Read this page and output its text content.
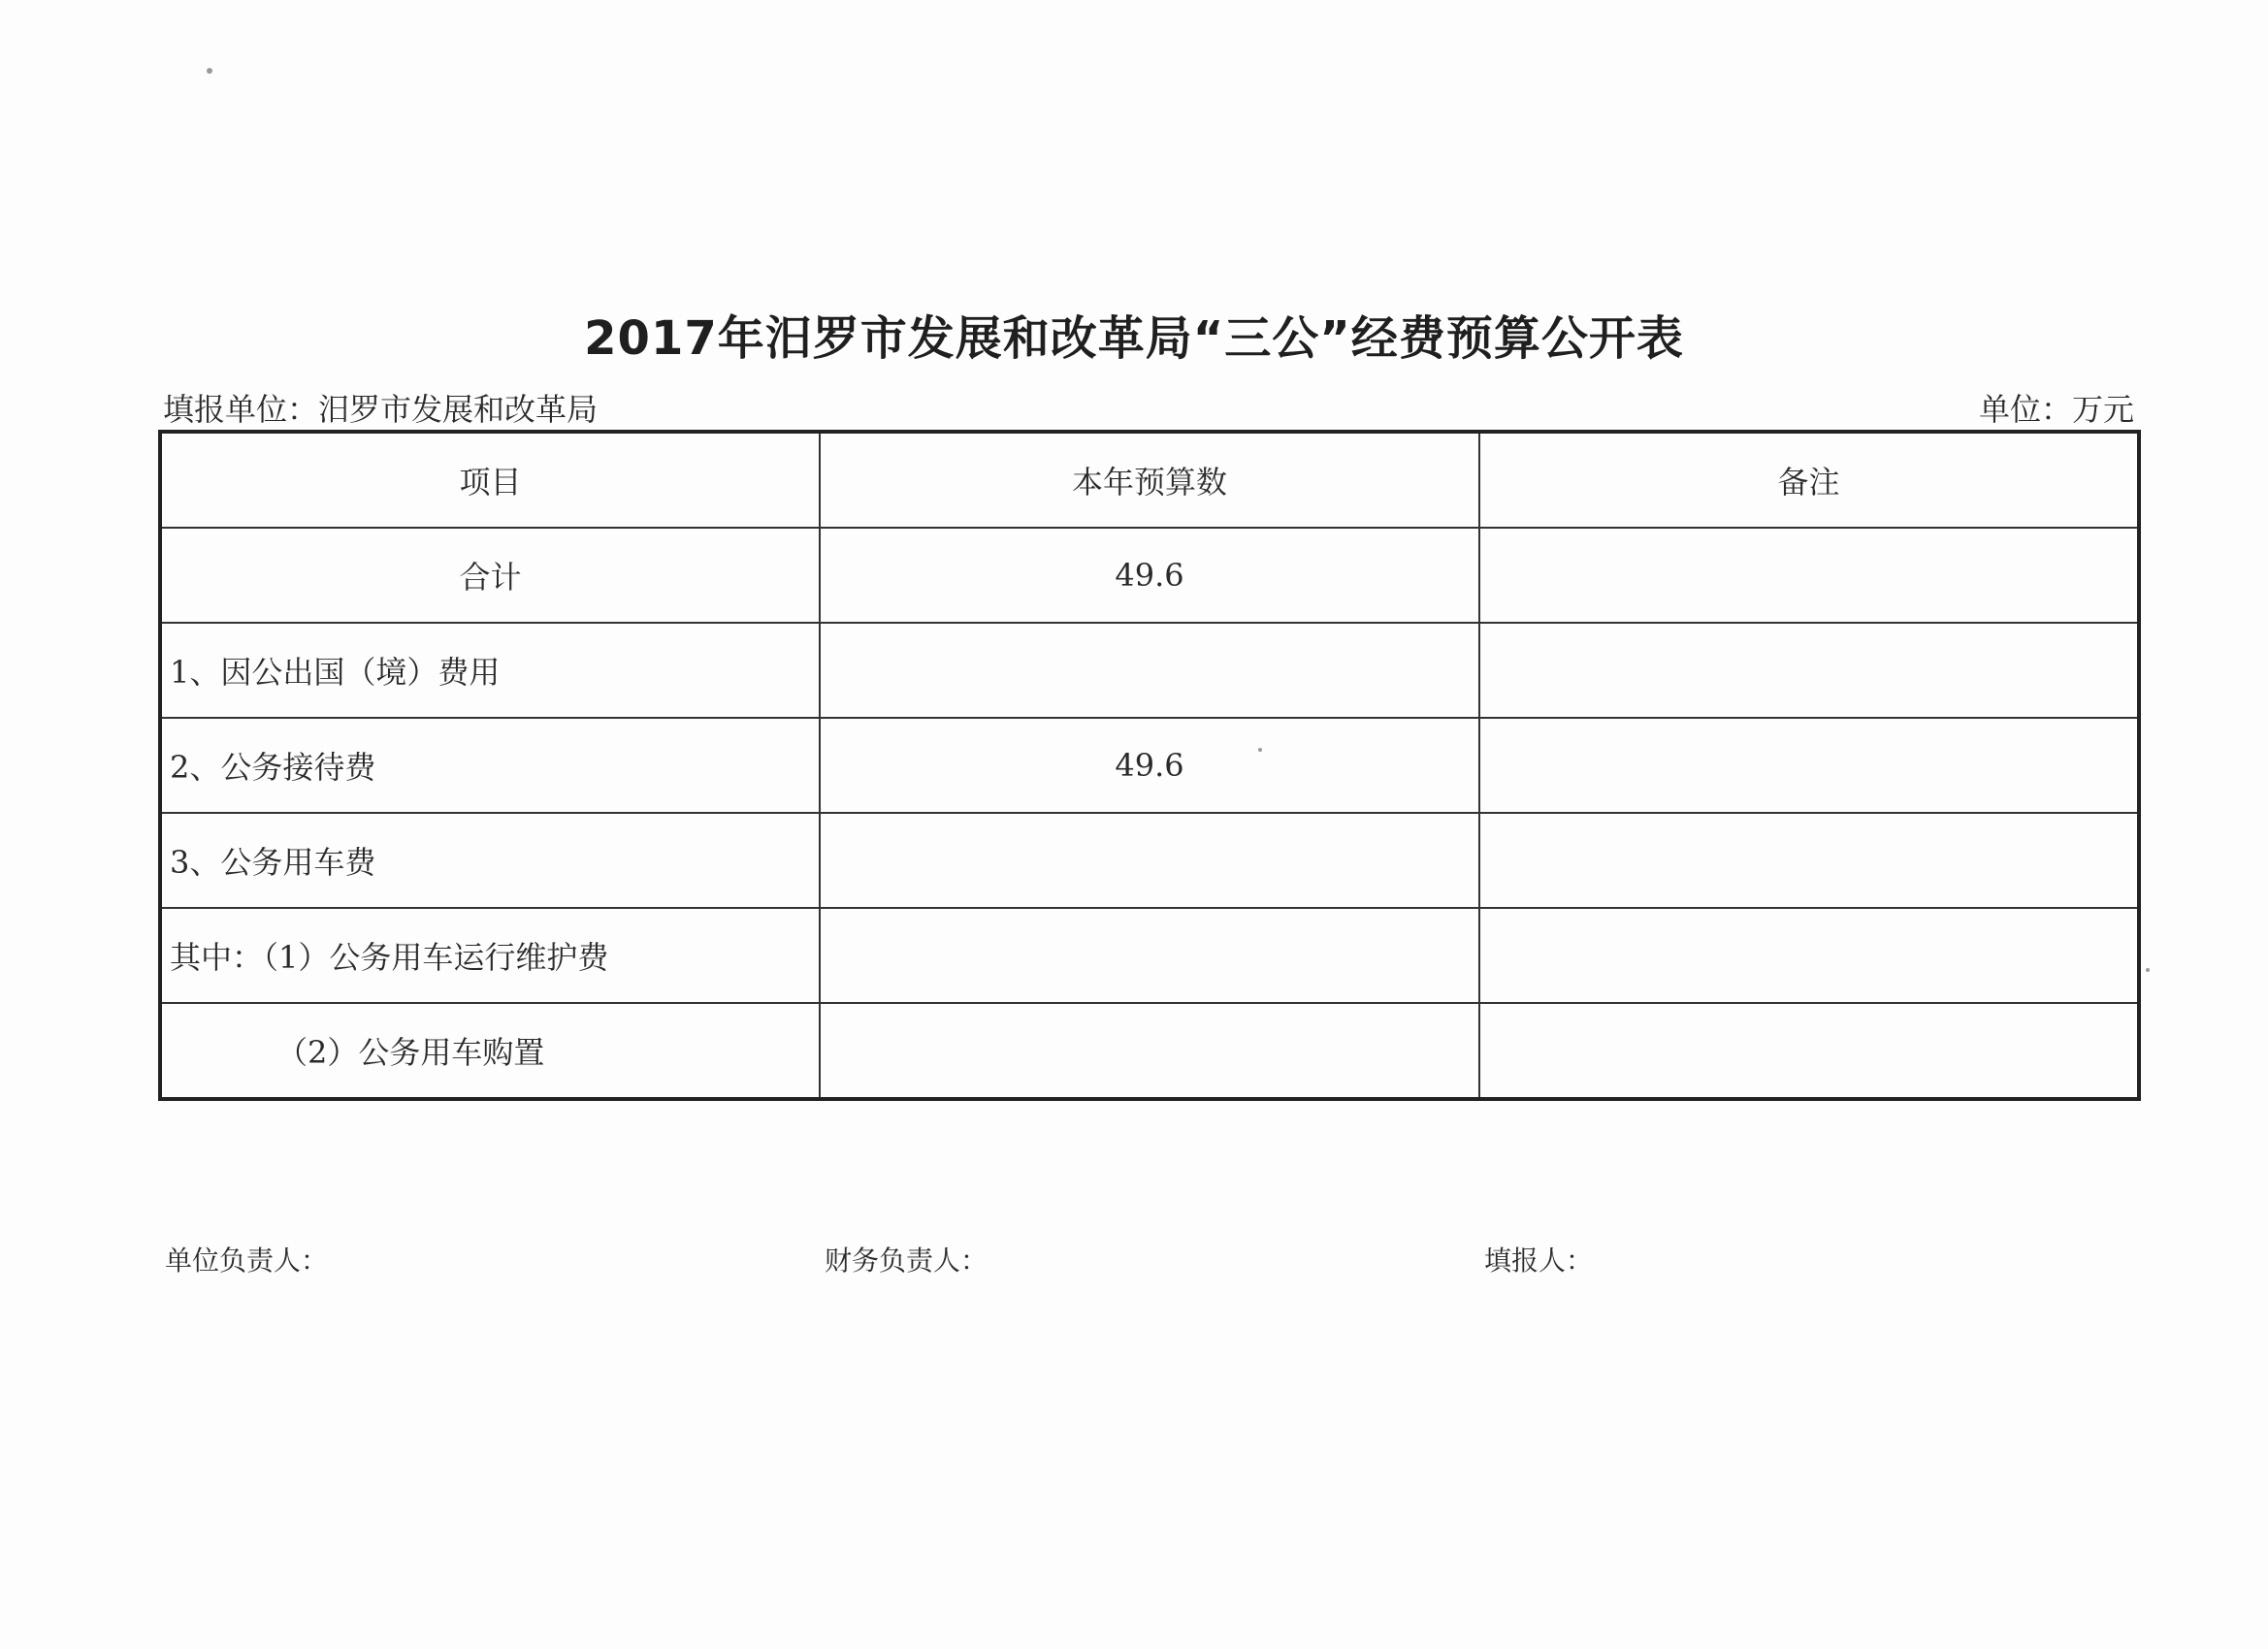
2017年汨罗市发展和改革局“三公”经费预算公开表
填报单位：汨罗市发展和改革局	单位：万元
项目	本年预算数	备注
合计	49.6	
1、因公出国（境）费用		
2、公务接待费	49.6	
3、公务用车费		
其中：（1）公务用车运行维护费		
（2）公务用车购置		
单位负责人：	财务负责人：	填报人：
